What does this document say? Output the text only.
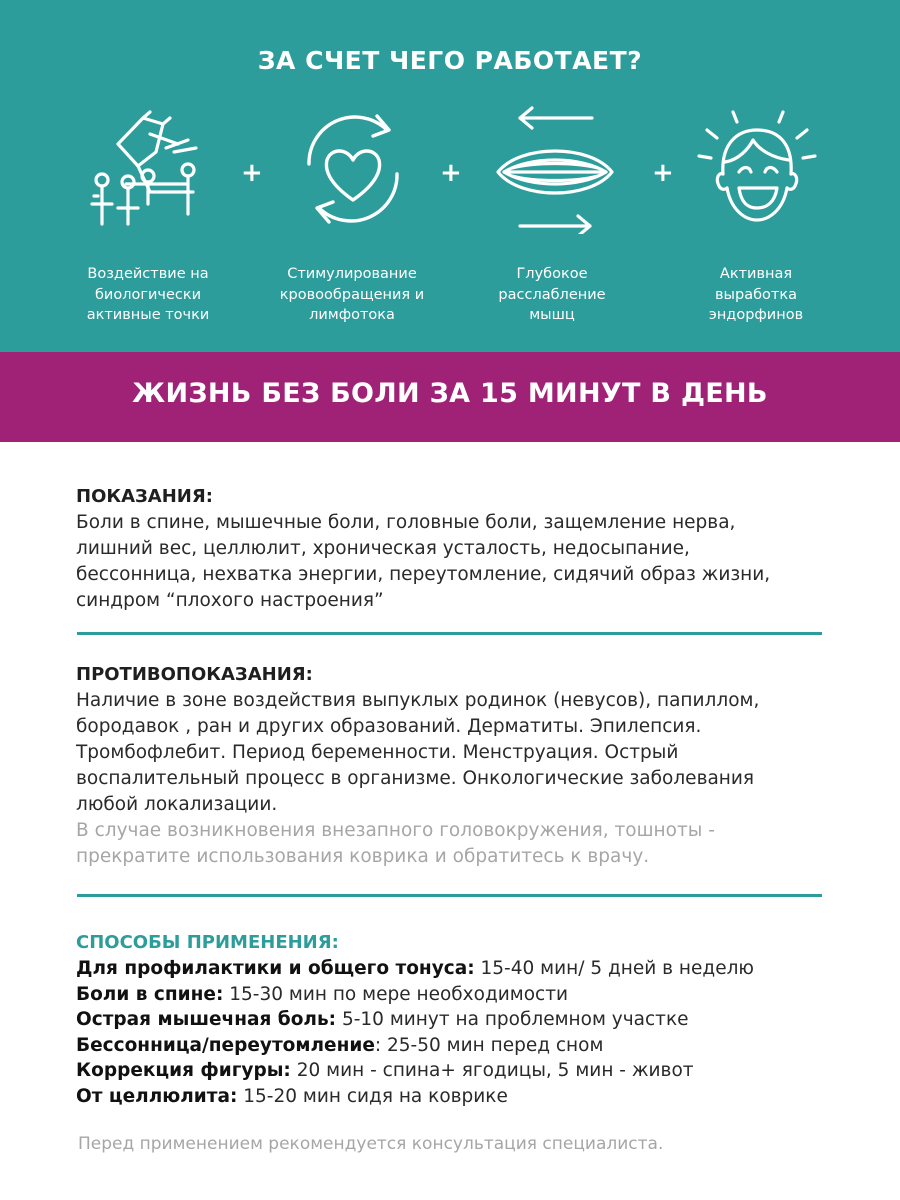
ЗА СЧЕТ ЧЕГО РАБОТАЕТ?
+	+	+
Воздействие на
биологически
активные точки
Стимулирование
кровообращения и
лимфотока
Глубокое
расслабление
мышц
Активная
выработка
эндорфинов
ЖИЗНЬ БЕЗ БОЛИ ЗА 15 МИНУТ В ДЕНЬ
ПОКАЗАНИЯ:
Боли в спине, мышечные боли, головные боли, защемление нерва,
лишний вес, целлюлит, хроническая усталость, недосыпание,
бессонница, нехватка энергии, переутомление, сидячий образ жизни,
синдром “плохого настроения”
ПРОТИВОПОКАЗАНИЯ:
Наличие в зоне воздействия выпуклых родинок (невусов), папиллом,
бородавок , ран и других образований. Дерматиты. Эпилепсия.
Тромбофлебит. Период беременности. Менструация. Острый
воспалительный процесс в организме. Онкологические заболевания
любой локализации.
В случае возникновения внезапного головокружения, тошноты -
прекратите использования коврика и обратитесь к врачу.
СПОСОБЫ ПРИМЕНЕНИЯ:
Для профилактики и общего тонуса: 15-40 мин/ 5 дней в неделю
Боли в спине: 15-30 мин по мере необходимости
Острая мышечная боль: 5-10 минут на проблемном участке
Бессонница/переутомление: 25-50 мин перед сном
Коррекция фигуры: 20 мин - спина+ ягодицы, 5 мин - живот
От целлюлита: 15-20 мин сидя на коврике
Перед применением рекомендуется консультация специалиста.
